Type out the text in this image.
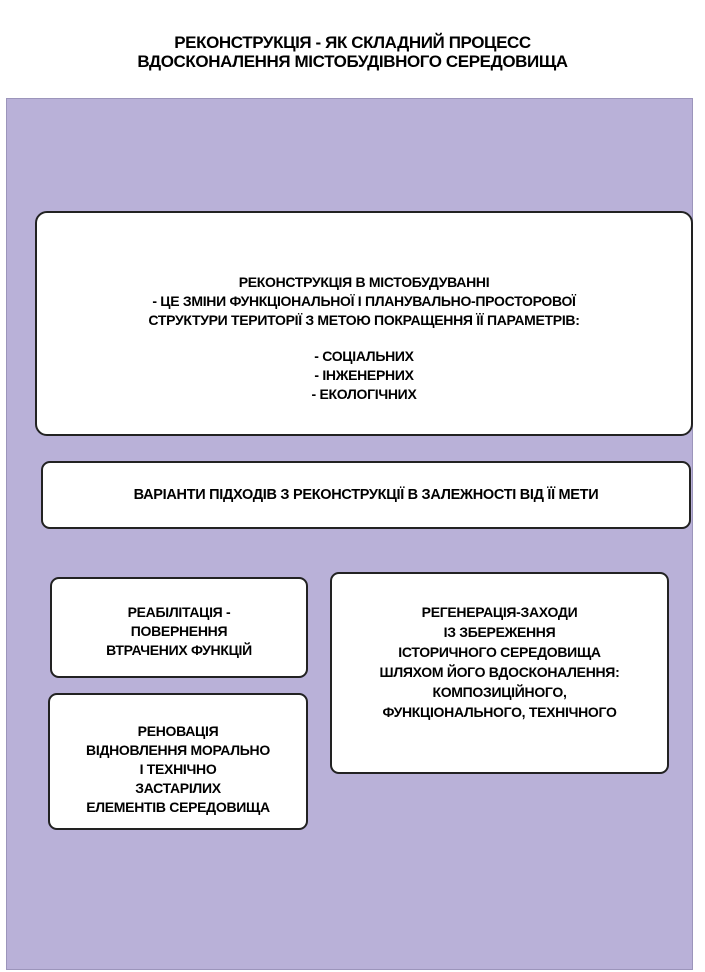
РЕКОНСТРУКЦІЯ - ЯК СКЛАДНИЙ ПРОЦЕСС
ВДОСКОНАЛЕННЯ МІСТОБУДІВНОГО СЕРЕДОВИЩА
РЕКОНСТРУКЦІЯ В МІСТОБУДУВАННІ
- ЦЕ ЗМІНИ ФУНКЦІОНАЛЬНОЇ І ПЛАНУВАЛЬНО-ПРОСТОРОВОЇ
СТРУКТУРИ ТЕРИТОРІЇ З МЕТОЮ ПОКРАЩЕННЯ ЇЇ ПАРАМЕТРІВ:
- СОЦІАЛЬНИХ
- ІНЖЕНЕРНИХ
- ЕКОЛОГІЧНИХ
ВАРІАНТИ ПІДХОДІВ З РЕКОНСТРУКЦІЇ В ЗАЛЕЖНОСТІ ВІД ЇЇ МЕТИ
РЕАБІЛІТАЦІЯ -
ПОВЕРНЕННЯ
ВТРАЧЕНИХ ФУНКЦІЙ
РЕНОВАЦІЯ
ВІДНОВЛЕННЯ МОРАЛЬНО
І ТЕХНІЧНО
ЗАСТАРІЛИХ
ЕЛЕМЕНТІВ СЕРЕДОВИЩА
РЕГЕНЕРАЦІЯ-ЗАХОДИ
ІЗ ЗБЕРЕЖЕННЯ
ІСТОРИЧНОГО СЕРЕДОВИЩА
ШЛЯХОМ ЙОГО ВДОСКОНАЛЕННЯ:
КОМПОЗИЦІЙНОГО,
ФУНКЦІОНАЛЬНОГО, ТЕХНІЧНОГО
